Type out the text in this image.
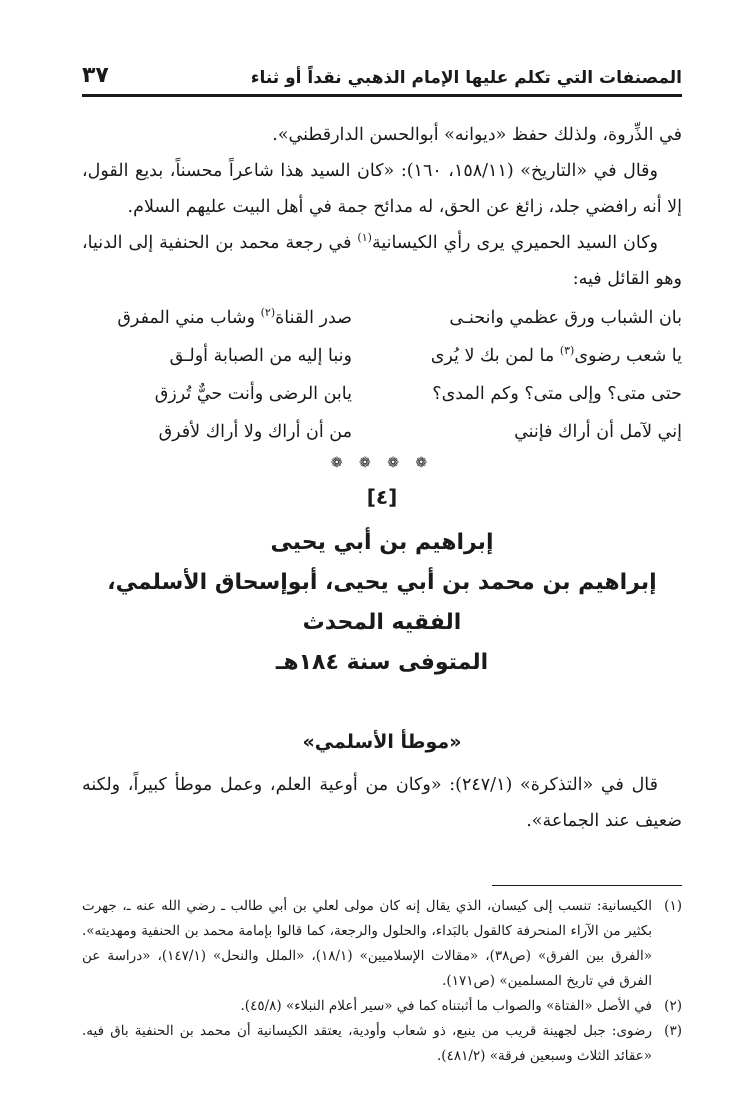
المصنفات التي تكلم عليها الإمام الذهبي نقداً أو ثناء
٣٧

في الذِّروة، ولذلك حفظ «ديوانه» أبوالحسن الدارقطني».

وقال في «التاريخ» (١٥٨/١١، ١٦٠): «كان السيد هذا شاعراً محسناً، بديع القول، إلا أنه رافضي جلد، زائغ عن الحق، له مدائح جمة في أهل البيت عليهم السلام.

وكان السيد الحميري يرى رأي الكيسانية$^{(١)}$ في رجعة محمد بن الحنفية إلى الدنيا، وهو القائل فيه:

بان الشباب ورق عظمي وانحنـى
صدر القناة$^{(٢)}$ وشاب مني المفرق
يا شعب رضوى$^{(٣)}$ ما لمن بك لا يُرى
ونبا إليه من الصبابة أولـق
حتى متى؟ وإلى متى؟ وكم المدى؟
يابن الرضى وأنت حيٌّ تُرزق
إني لآمل أن أراك فإنني
من أن أراك ولا أراك لأفرق
❁ ❁ ❁ ❁
[٤]
إبراهيم بن أبي يحيى
إبراهيم بن محمد بن أبي يحيى، أبوإسحاق الأسلمي، الفقيه المحدث
المتوفى سنة ١٨٤هـ
«موطأ الأسلمي»

قال في «التذكرة» (٢٤٧/١): «وكان من أوعية العلم، وعمل موطأ كبيراً، ولكنه ضعيف عند الجماعة».

(١)
الكيسانية: تنسب إلى كيسان، الذي يقال إنه كان مولى لعلي بن أبي طالب ـ رضي الله عنه ـ، جهرت بكثير من الآراء المنحرفة كالقول بالبَداء، والحلول والرجعة، كما قالوا بإمامة محمد بن الحنفية ومهديته». «الفرق بين الفرق» (ص٣٨)، «مقالات الإسلاميين» (١٨/١)، «الملل والنحل» (١٤٧/١)، «دراسة عن الفرق في تاريخ المسلمين» (ص١٧١).
(٢)
في الأصل «الفتاة» والصواب ما أثبتناه كما في «سير أعلام النبلاء» (٤٥/٨).
(٣)
رضوى: جبل لجهينة قريب من ينبع، ذو شعاب وأودية، يعتقد الكيسانية أن محمد بن الحنفية باق فيه. «عقائد الثلاث وسبعين فرقة» (٤٨١/٢).
